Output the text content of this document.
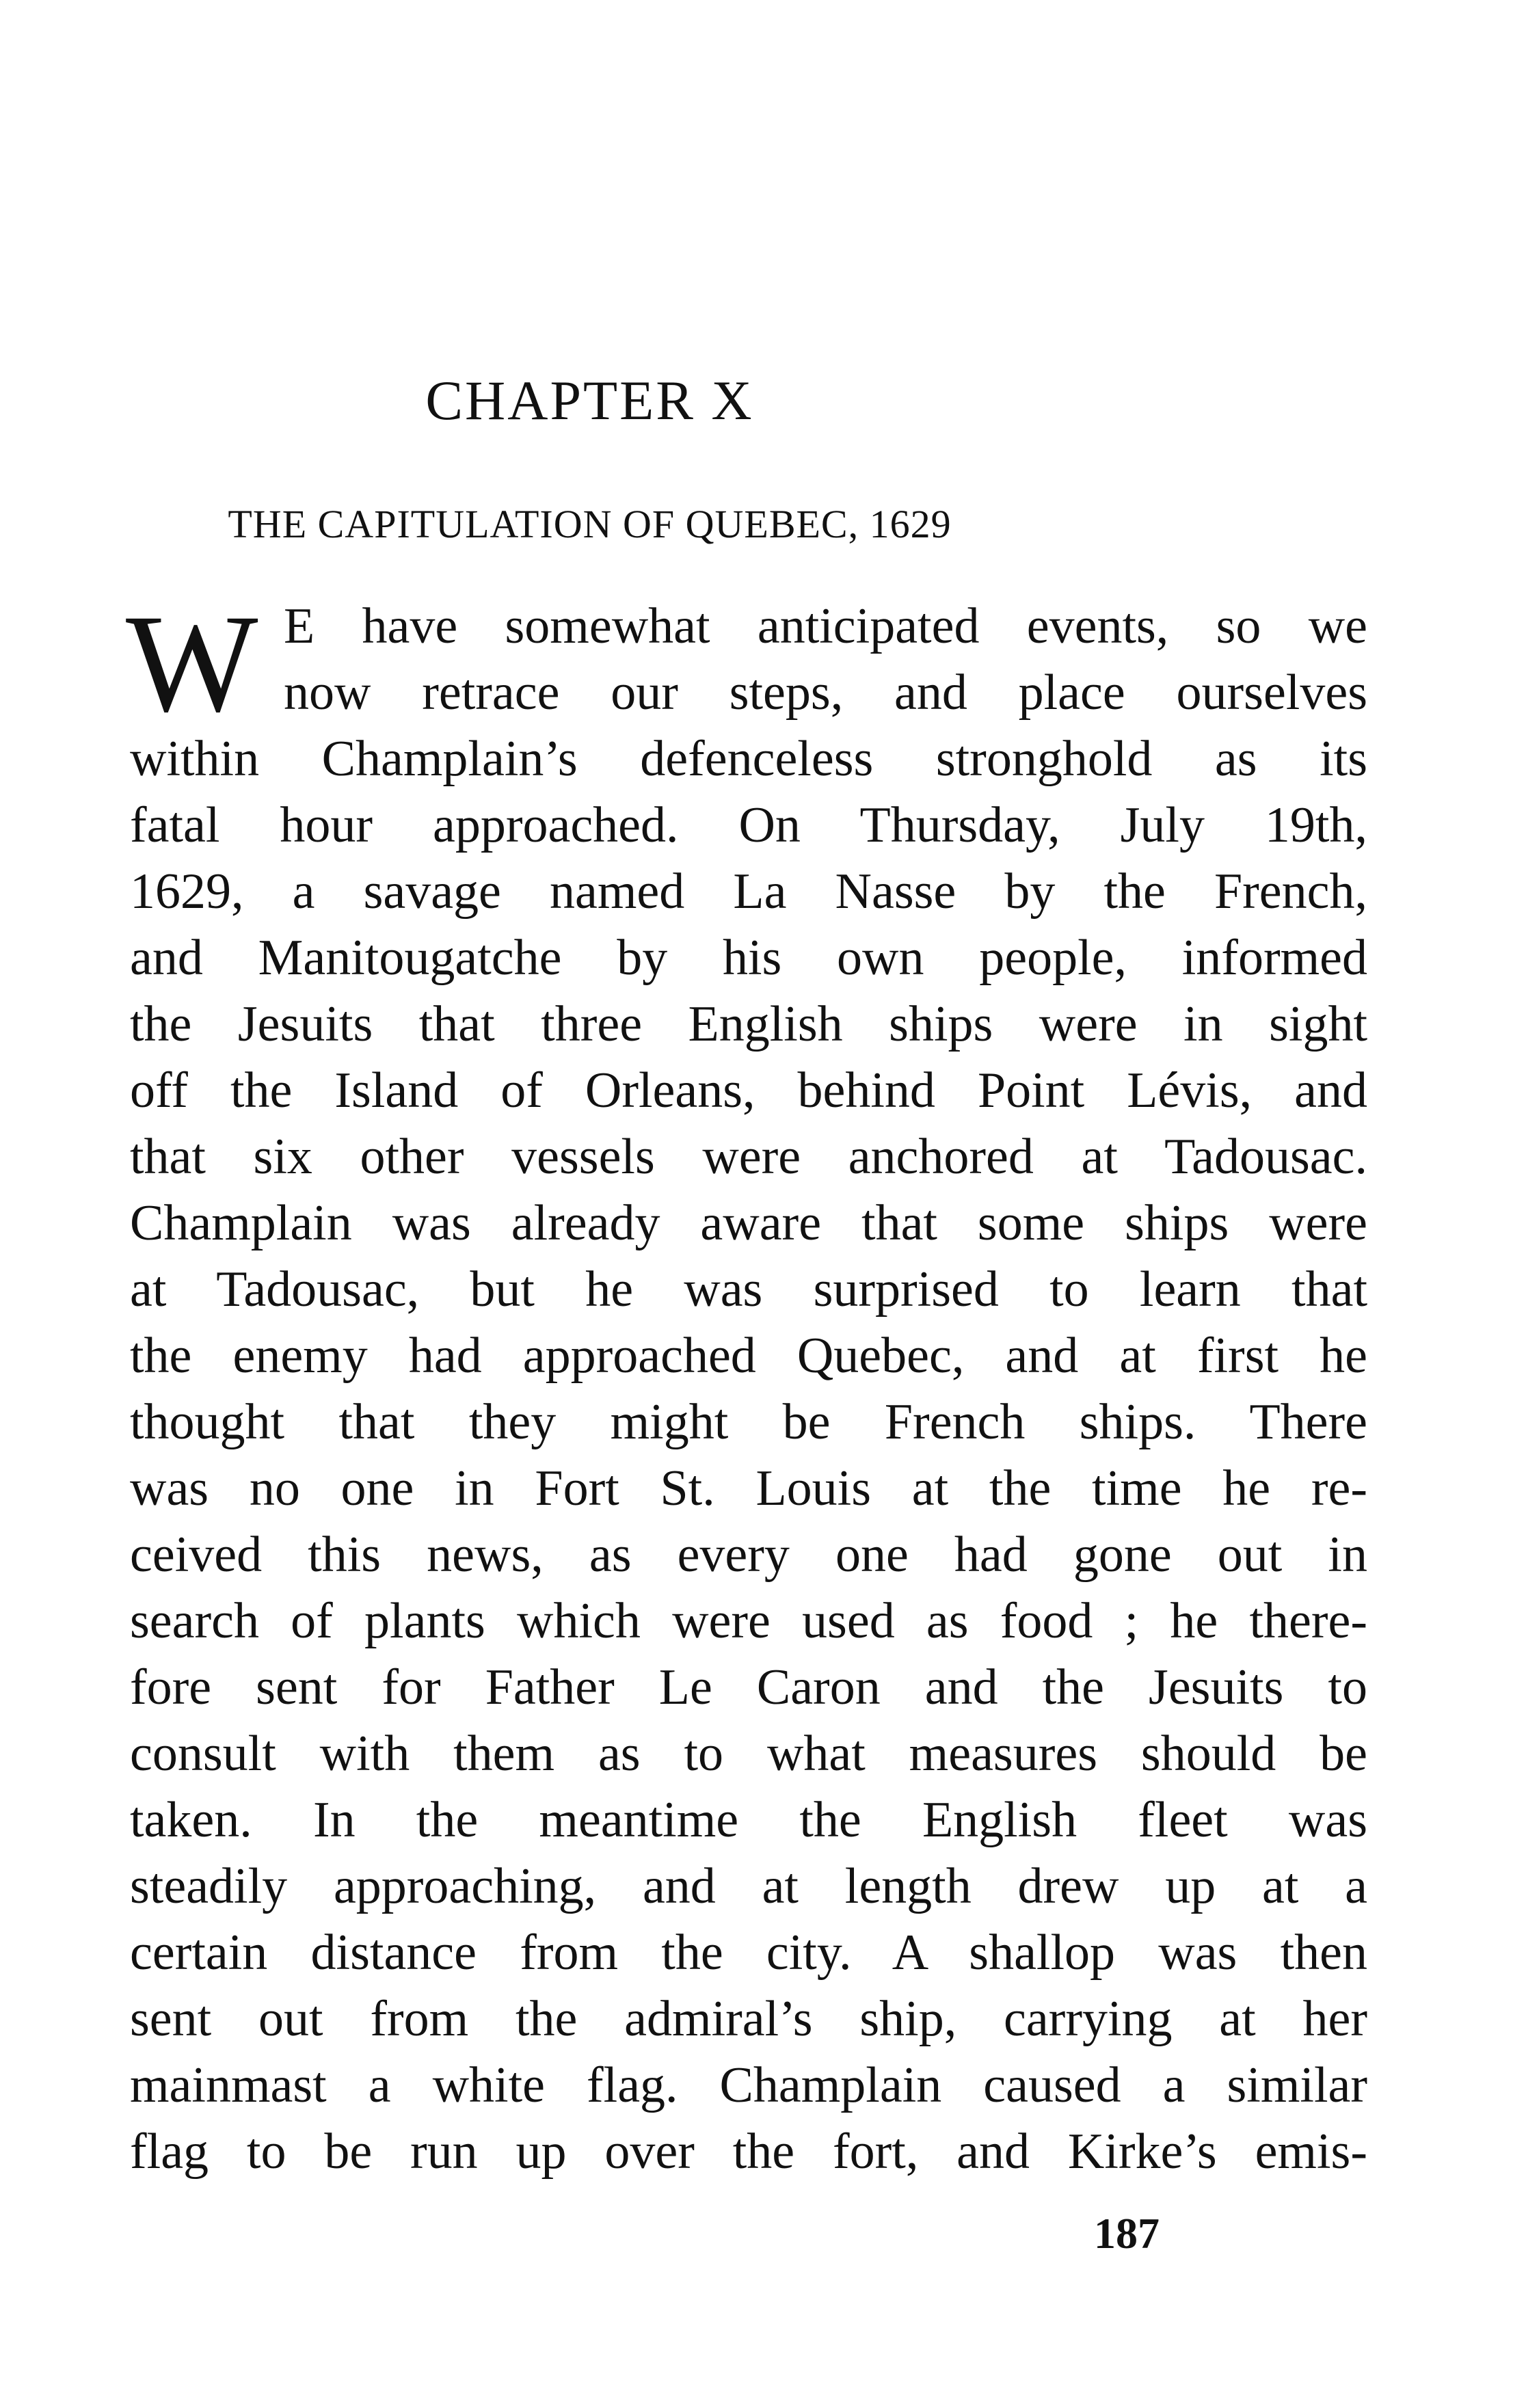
CHAPTER X
THE CAPITULATION OF QUEBEC, 1629
W E have somewhat anticipated events, so we
now retrace our steps, and place ourselves
within Champlain’s defenceless stronghold as its
fatal hour approached. On Thursday, July 19th,
1629, a savage named La Nasse by the French,
and Manitougatche by his own people, informed
the Jesuits that three English ships were in sight
off the Island of Orleans, behind Point Lévis, and
that six other vessels were anchored at Tadousac.
Champlain was already aware that some ships were
at Tadousac, but he was surprised to learn that
the enemy had approached Quebec, and at first he
thought that they might be French ships. There
was no one in Fort St. Louis at the time he re-
ceived this news, as every one had gone out in
search of plants which were used as food ; he there-
fore sent for Father Le Caron and the Jesuits to
consult with them as to what measures should be
taken. In the meantime the English fleet was
steadily approaching, and at length drew up at a
certain distance from the city. A shallop was then
sent out from the admiral’s ship, carrying at her
mainmast a white flag. Champlain caused a similar
flag to be run up over the fort, and Kirke’s emis-
187
